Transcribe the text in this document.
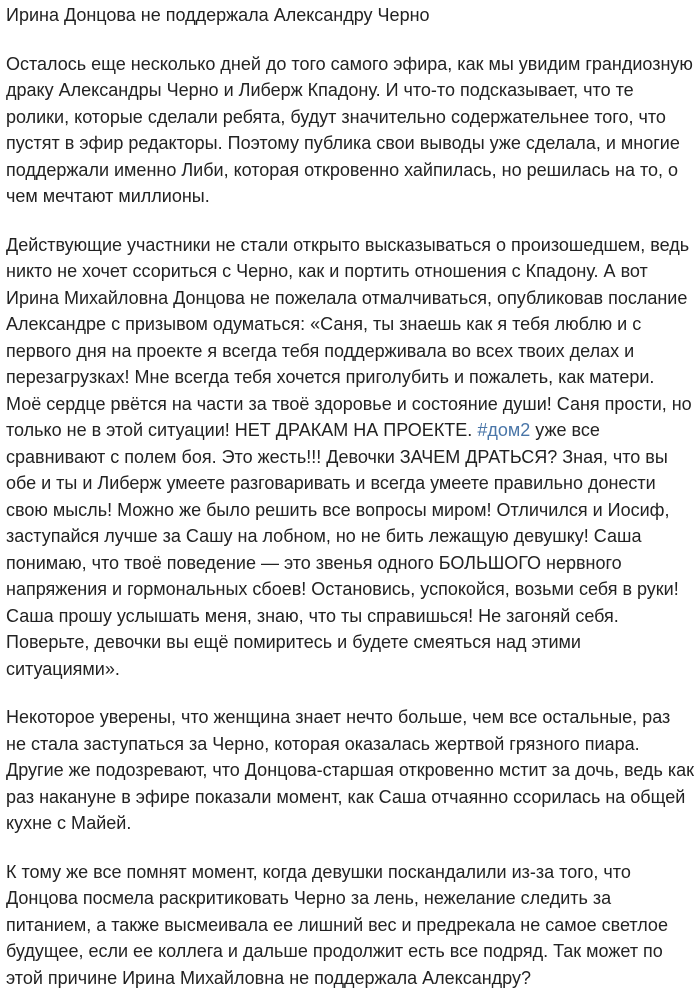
Ирина Донцова не поддержала Александру Черно

Осталось еще несколько дней до того самого эфира, как мы увидим грандиозную драку Александры Черно и Либерж Кпадону. И что-то подсказывает, что те ролики, которые сделали ребята, будут значительно содержательнее того, что пустят в эфир редакторы. Поэтому публика свои выводы уже сделала, и многие поддержали именно Либи, которая откровенно хайпилась, но решилась на то, о чем мечтают миллионы.

Действующие участники не стали открыто высказываться о произошедшем, ведь никто не хочет ссориться с Черно, как и портить отношения с Кпадону. А вот Ирина Михайловна Донцова не пожелала отмалчиваться, опубликовав послание Александре с призывом одуматься: «Саня, ты знаешь как я тебя люблю и с первого дня на проекте я всегда тебя поддерживала во всех твоих делах и перезагрузках! Мне всегда тебя хочется приголубить и пожалеть, как матери. Моё сердце рвётся на части за твоё здоровье и состояние души! Саня прости, но только не в этой ситуации! НЕТ ДРАКАМ НА ПРОЕКТЕ. #дом2 уже все сравнивают с полем боя. Это жесть!!! Девочки ЗАЧЕМ ДРАТЬСЯ? Зная, что вы обе и ты и Либерж умеете разговаривать и всегда умеете правильно донести свою мысль! Можно же было решить все вопросы миром! Отличился и Иосиф, заступайся лучше за Сашу на лобном, но не бить лежащую девушку! Саша понимаю, что твоё поведение — это звенья одного БОЛЬШОГО нервного напряжения и гормональных сбоев! Остановись, успокойся, возьми себя в руки! Саша прошу услышать меня, знаю, что ты справишься! Не загоняй себя. Поверьте, девочки вы ещё помиритесь и будете смеяться над этими ситуациями».

Некоторое уверены, что женщина знает нечто больше, чем все остальные, раз не стала заступаться за Черно, которая оказалась жертвой грязного пиара. Другие же подозревают, что Донцова-старшая откровенно мстит за дочь, ведь как раз накануне в эфире показали момент, как Саша отчаянно ссорилась на общей кухне с Майей.

К тому же все помнят момент, когда девушки поскандалили из-за того, что Донцова посмела раскритиковать Черно за лень, нежелание следить за питанием, а также высмеивала ее лишний вес и предрекала не самое светлое будущее, если ее коллега и дальше продолжит есть все подряд. Так может по этой причине Ирина Михайловна не поддержала Александру?
